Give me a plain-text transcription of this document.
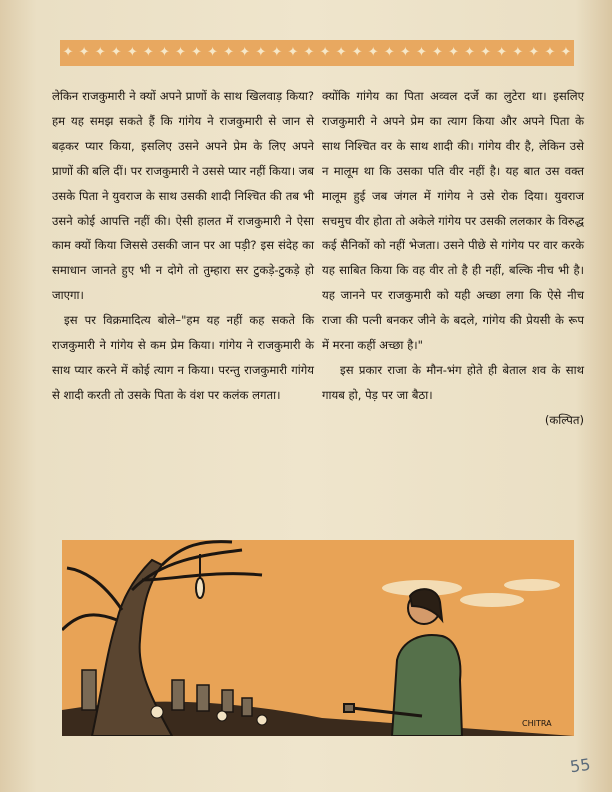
✦ ✦ ✦ ✦ ✦ ✦ ✦ ✦ ✦ ✦ ✦ ✦ ✦ ✦ ✦ ✦ ✦ ✦ ✦ ✦ ✦ ✦ ✦ ✦ ✦ ✦ ✦ ✦ ✦ ✦ ✦ ✦

लेकिन राजकुमारी ने क्यों अपने प्राणों के साथ खिलवाड़ किया? हम यह समझ सकते हैं कि गांगेय ने राजकुमारी से जान से बढ़कर प्यार किया, इसलिए उसने अपने प्रेम के लिए अपने प्राणों की बलि दीं। पर राजकुमारी ने उससे प्यार नहीं किया। जब उसके पिता ने युवराज के साथ उसकी शादी निश्चित की तब भी उसने कोई आपत्ति नहीं की। ऐसी हालत में राजकुमारी ने ऐसा काम क्यों किया जिससे उसकी जान पर आ पड़ी? इस संदेह का समाधान जानते हुए भी न दोगे तो तुम्हारा सर टुकड़े-टुकड़े हो जाएगा।

इस पर विक्रमादित्य बोले–"हम यह नहीं कह सकते कि राजकुमारी ने गांगेय से कम प्रेम किया। गांगेय ने राजकुमारी के साथ प्यार करने में कोई त्याग न किया। परन्तु राजकुमारी गांगेय से शादी करती तो उसके पिता के वंश पर कलंक लगता।

क्योंकि गांगेय का पिता अव्वल दर्जे का लुटेरा था। इसलिए राजकुमारी ने अपने प्रेम का त्याग किया और अपने पिता के साथ निश्चित वर के साथ शादी की। गांगेय वीर है, लेकिन उसे न मालूम था कि उसका पति वीर नहीं है। यह बात उस वक्त मालूम हुई जब जंगल में गांगेय ने उसे रोक दिया। युवराज सचमुच वीर होता तो अकेले गांगेय पर उसकी ललकार के विरुद्ध कई सैनिकों को नहीं भेजता। उसने पीछे से गांगेय पर वार करके यह साबित किया कि वह वीर तो है ही नहीं, बल्कि नीच भी है। यह जानने पर राजकुमारी को यही अच्छा लगा कि ऐसे नीच राजा की पत्नी बनकर जीने के बदले, गांगेय की प्रेयसी के रूप में मरना कहीं अच्छा है।"

इस प्रकार राजा के मौन-भंग होते ही बेताल शव के साथ गायब हो, पेड़ पर जा बैठा।
(कल्पित)

CHITRA
55
